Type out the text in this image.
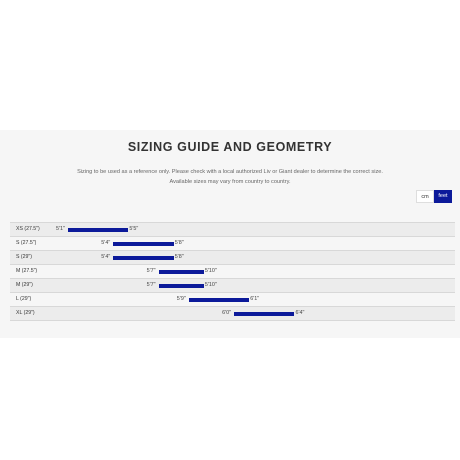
SIZING GUIDE AND GEOMETRY
Sizing to be used as a reference only. Please check with a local authorized Liv or Giant dealer to determine the correct size.
Available sizes may vary from country to country.
cm	feet
XS (27.5")	5'1"	5'5"
S (27.5")	5'4"	5'8"
S (29")	5'4"	5'8"
M (27.5")	5'7"	5'10"
M (29")	5'7"	5'10"
L (29")	5'9"	6'1"
XL (29")	6'0"	6'4"
